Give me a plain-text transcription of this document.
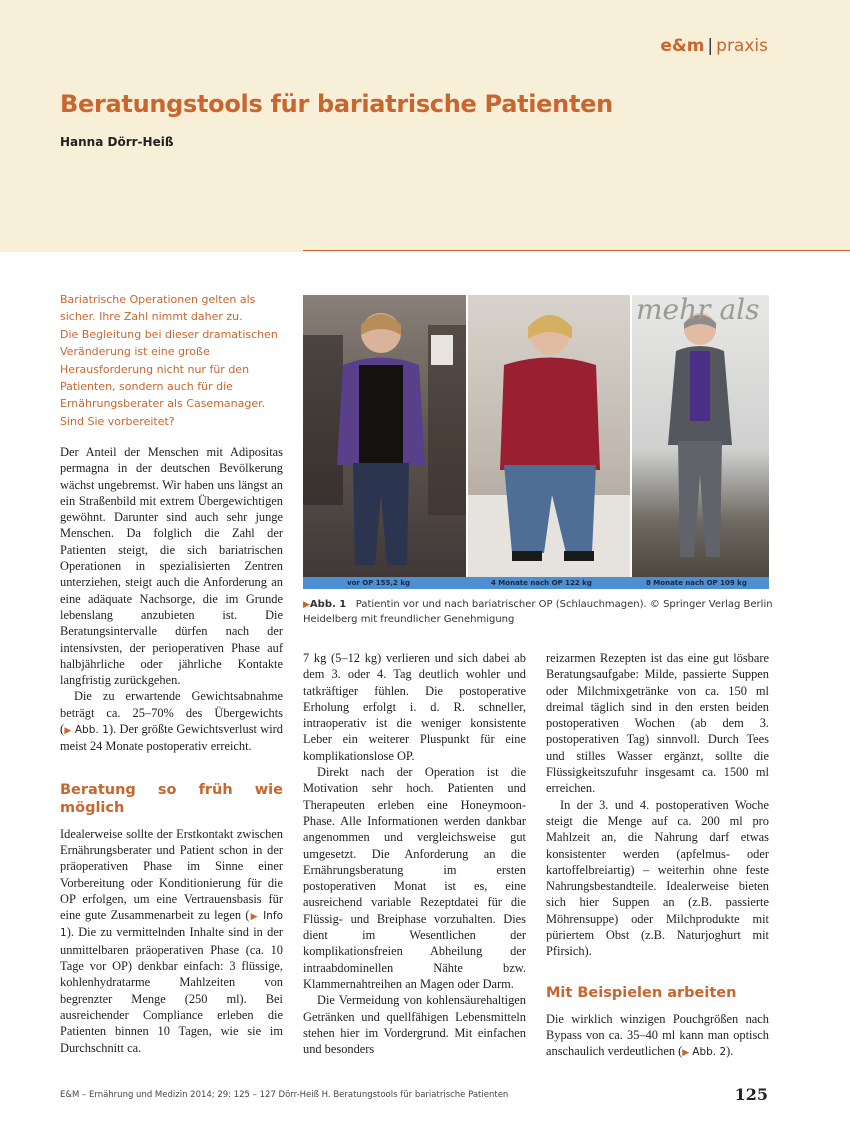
e&m | praxis
Beratungstools für bariatrische Patienten
Hanna Dörr-Heiß

Bariatrische Operationen gelten als sicher. Ihre Zahl nimmt daher zu.

Die Begleitung bei dieser dramatischen Veränderung ist eine große Herausforderung nicht nur für den Patienten, sondern auch für die Ernährungsberater als Casemanager. Sind Sie vorbereitet?

mehr als
vor OP 155,2 kg	4 Monate nach OP 122 kg	8 Monate nach OP 109 kg
▶Abb. 1 Patientin vor und nach bariatrischer OP (Schlauchmagen). © Springer Verlag Berlin Heidelberg mit freundlicher Genehmigung

Der Anteil der Menschen mit Adipositas permagna in der deutschen Bevölkerung wächst ungebremst. Wir haben uns längst an ein Straßenbild mit extrem Übergewichtigen gewöhnt. Darunter sind auch sehr junge Menschen. Da folglich die Zahl der Patienten steigt, die sich bariatrischen Operationen in spezialisierten Zentren unterziehen, steigt auch die Anforderung an eine adäquate Nachsorge, die im Grunde lebenslang anzubieten ist. Die Beratungsintervalle dürfen nach der intensivsten, der perioperativen Phase auf halbjährliche oder jährliche Kontakte langfristig zurückgehen.

Die zu erwartende Gewichtsabnahme beträgt ca. 25–70% des Übergewichts (▶ Abb. 1). Der größte Gewichtsverlust wird meist 24 Monate postoperativ erreicht.

Beratung so früh wie möglich

Idealerweise sollte der Erstkontakt zwischen Ernährungsberater und Patient schon in der präoperativen Phase im Sinne einer Vorbereitung oder Konditionierung für die OP erfolgen, um eine Vertrauensbasis für eine gute Zusammenarbeit zu legen (▶ Info 1). Die zu vermittelnden Inhalte sind in der unmittelbaren präoperativen Phase (ca. 10 Tage vor OP) denkbar einfach: 3 flüssige, kohlenhydratarme Mahlzeiten von begrenzter Menge (250 ml). Bei ausreichender Compliance erleben die Patienten binnen 10 Tagen, wie sie im Durchschnitt ca.

7 kg (5–12 kg) verlieren und sich dabei ab dem 3. oder 4. Tag deutlich wohler und tatkräftiger fühlen. Die postoperative Erholung erfolgt i. d. R. schneller, intraoperativ ist die weniger konsistente Leber ein weiterer Pluspunkt für eine komplikationslose OP.

Direkt nach der Operation ist die Motivation sehr hoch. Patienten und Therapeuten erleben eine Honeymoon-Phase. Alle Informationen werden dankbar angenommen und vergleichsweise gut umgesetzt. Die Anforderung an die Ernährungsberatung im ersten postoperativen Monat ist es, eine ausreichend variable Rezeptdatei für die Flüssig- und Breiphase vorzuhalten. Dies dient im Wesentlichen der komplikationsfreien Abheilung der intraabdominellen Nähte bzw. Klammernahtreihen an Magen oder Darm.

Die Vermeidung von kohlensäurehaltigen Getränken und quellfähigen Lebensmitteln stehen hier im Vordergrund. Mit einfachen und besonders

reizarmen Rezepten ist das eine gut lösbare Beratungsaufgabe: Milde, passierte Suppen oder Milchmixgetränke von ca. 150 ml dreimal täglich sind in den ersten beiden postoperativen Wochen (ab dem 3. postoperativen Tag) sinnvoll. Durch Tees und stilles Wasser ergänzt, sollte die Flüssigkeitszufuhr insgesamt ca. 1500 ml erreichen.

In der 3. und 4. postoperativen Woche steigt die Menge auf ca. 200 ml pro Mahlzeit an, die Nahrung darf etwas konsistenter werden (apfelmus- oder kartoffelbreiartig) – weiterhin ohne feste Nahrungsbestandteile. Idealerweise bieten sich hier Suppen an (z.B. passierte Möhrensuppe) oder Milchprodukte mit püriertem Obst (z.B. Naturjoghurt mit Pfirsich).

Mit Beispielen arbeiten

Die wirklich winzigen Pouchgrößen nach Bypass von ca. 35–40 ml kann man optisch anschaulich verdeutlichen (▶ Abb. 2).

E&M – Ernährung und Medizin 2014; 29: 125 – 127 Dörr-Heiß H. Beratungstools für bariatrische Patienten	125
